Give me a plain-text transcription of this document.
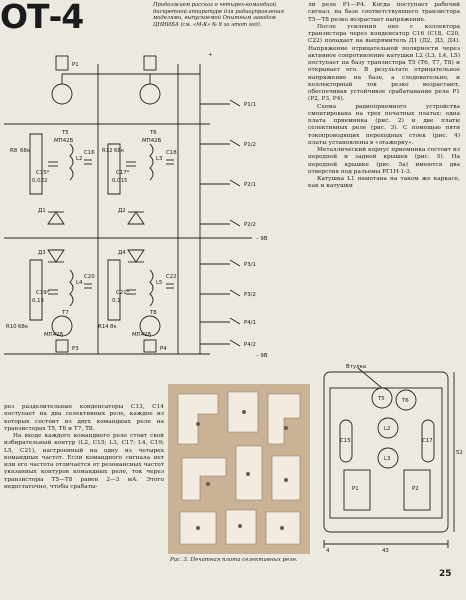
ОТ-4	Продолжаем рассказ о четырех-командной дискретной аппаратуре для радиоуправления моделями, выпускаемой Опытным заводом ЦНИИБА (см. «М-К» № 8 за этот год).

ли реле Р1—Р4. Когда поступает рабочий сигнал, на базе соответствующего транзистора Т5—Т8 резко возрастает напряжение.

После усиления оно с коллектора транзистора через конденсатор С16 (С18, С20, С22) попадает на выпрямитель Д1 (Д2, Д3, Д4). Напряжение отрицательной полярности через активное сопротивление катушки L2 (L3, L4, L5) поступает на базу транзистора Т5 (Т6, Т7, Т8) и открывает его. В результате отрицательное напряжение на базе, а следовательно, и коллекторный ток резко возрастают, обеспечивая устойчивое срабатывание реле Р1 (Р2, Р3, Р4).

Схема радиоприемного устройства смонтирована на трех печатных платах: одна плата приемника (рис. 2) и две платы селективных реле (рис. 3). С помощью пяти токопроводящих переходных стоек (рис. 4) платы установлены в «этажерку».

Металлический корпус приемника состоит из передней и задней крышек (рис. 5). На передней крышке (рис. 5а) имеются два отверстия под разъемы РГ1Н-1-3.

Катушка L1 намотана на таком же каркасе, как и катушки

Р1
Т5
МП42Б
Т6
МП42Б
R8 68к	R12 68к
С15*
0,022
С17*
0,015
L2	L3
С16	С18
Д1	Д2
Р1/1
Р1/2
Р2/1
Р2/2
Р3/1
Р3/2
Р4/1
Р4/2
– 9В
– 9В
Д3	Д4
С19*
0,15
С21*
0,1
L4	L5
С20	С22
Т7	Т8
R10 68к	R14 8к
МП42Б	МП42Б
Р3	Р4
+
Втулка
Т5	Т6
L2
L3
С15	С17
Р1	Р2
43
4
52

рез разделительные конденсаторы С13, С14 поступает на два селективных реле, каждое из которых состоит из двух командных реле на транзисторах Т5, Т6 и Т7, Т8.

На входе каждого командного реле стоит свой избирательный контур (L2, C15; L3, C17; L4, C19; L5, C21), настроенный на одну из четырех командных частот. Если командного сигнала нет или его частота отличается от резонансных частот указанных контуров командных реле, ток через транзисторы Т5—Т8 равен 2—3 мА. Этого недостаточно, чтобы срабаты-

Рис. 3. Печатная плата селективных реле.
25
